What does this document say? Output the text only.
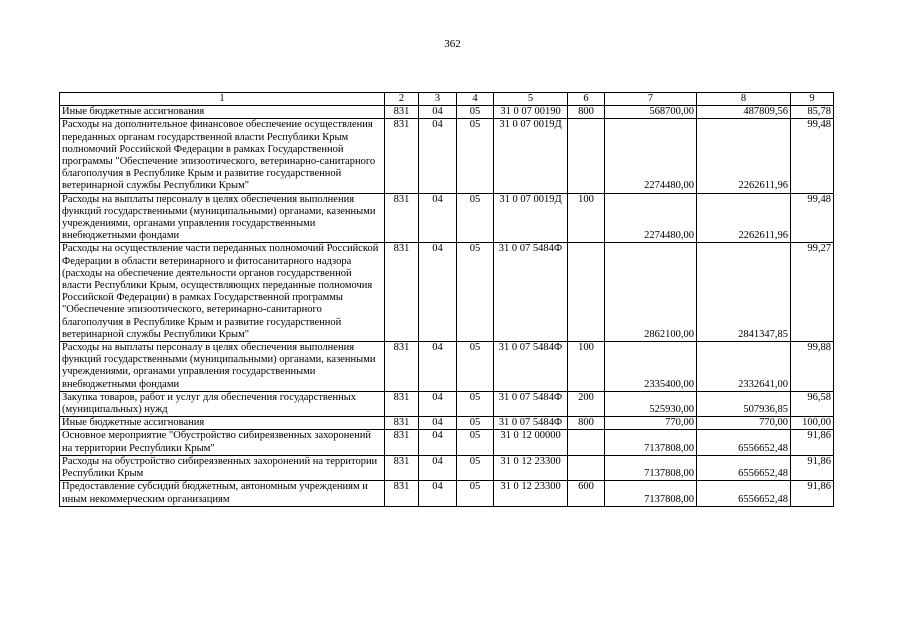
362
1	2	3	4	5	6	7	8	9
Иные бюджетные ассигнования	831	04	05	31 0 07 00190	800	568700,00	487809,56	85,78
Расходы на дополнительное финансовое обеспечение осуществления переданных органам государственной власти Республики Крым полномочий Российской Федерации в рамках Государственной программы "Обеспечение эпизоотического, ветеринарно-санитарного благополучия в Республике Крым и развитие государственной ветеринарной службы Республики Крым"	831	04	05	31 0 07 0019Д		2274480,00	2262611,96	99,48
Расходы на выплаты персоналу в целях обеспечения выполнения функций государственными (муниципальными) органами, казенными учреждениями, органами управления государственными внебюджетными фондами	831	04	05	31 0 07 0019Д	100	2274480,00	2262611,96	99,48
Расходы на осуществление части переданных полномочий Российской Федерации в области ветеринарного и фитосанитарного надзора (расходы на обеспечение деятельности органов государственной власти Республики Крым, осуществляющих переданные полномочия Российской Федерации) в рамках Государственной программы "Обеспечение эпизоотического, ветеринарно-санитарного благополучия в Республике Крым и развитие государственной ветеринарной службы Республики Крым"	831	04	05	31 0 07 5484Ф		2862100,00	2841347,85	99,27
Расходы на выплаты персоналу в целях обеспечения выполнения функций государственными (муниципальными) органами, казенными учреждениями, органами управления государственными внебюджетными фондами	831	04	05	31 0 07 5484Ф	100	2335400,00	2332641,00	99,88
Закупка товаров, работ и услуг для обеспечения государственных (муниципальных) нужд	831	04	05	31 0 07 5484Ф	200	525930,00	507936,85	96,58
Иные бюджетные ассигнования	831	04	05	31 0 07 5484Ф	800	770,00	770,00	100,00
Основное мероприятие "Обустройство сибиреязвенных захоронений на территории Республики Крым"	831	04	05	31 0 12 00000		7137808,00	6556652,48	91,86
Расходы на обустройство сибиреязвенных захоронений на территории Республики Крым	831	04	05	31 0 12 23300		7137808,00	6556652,48	91,86
Предоставление субсидий бюджетным, автономным учреждениям и иным некоммерческим организациям	831	04	05	31 0 12 23300	600	7137808,00	6556652,48	91,86
